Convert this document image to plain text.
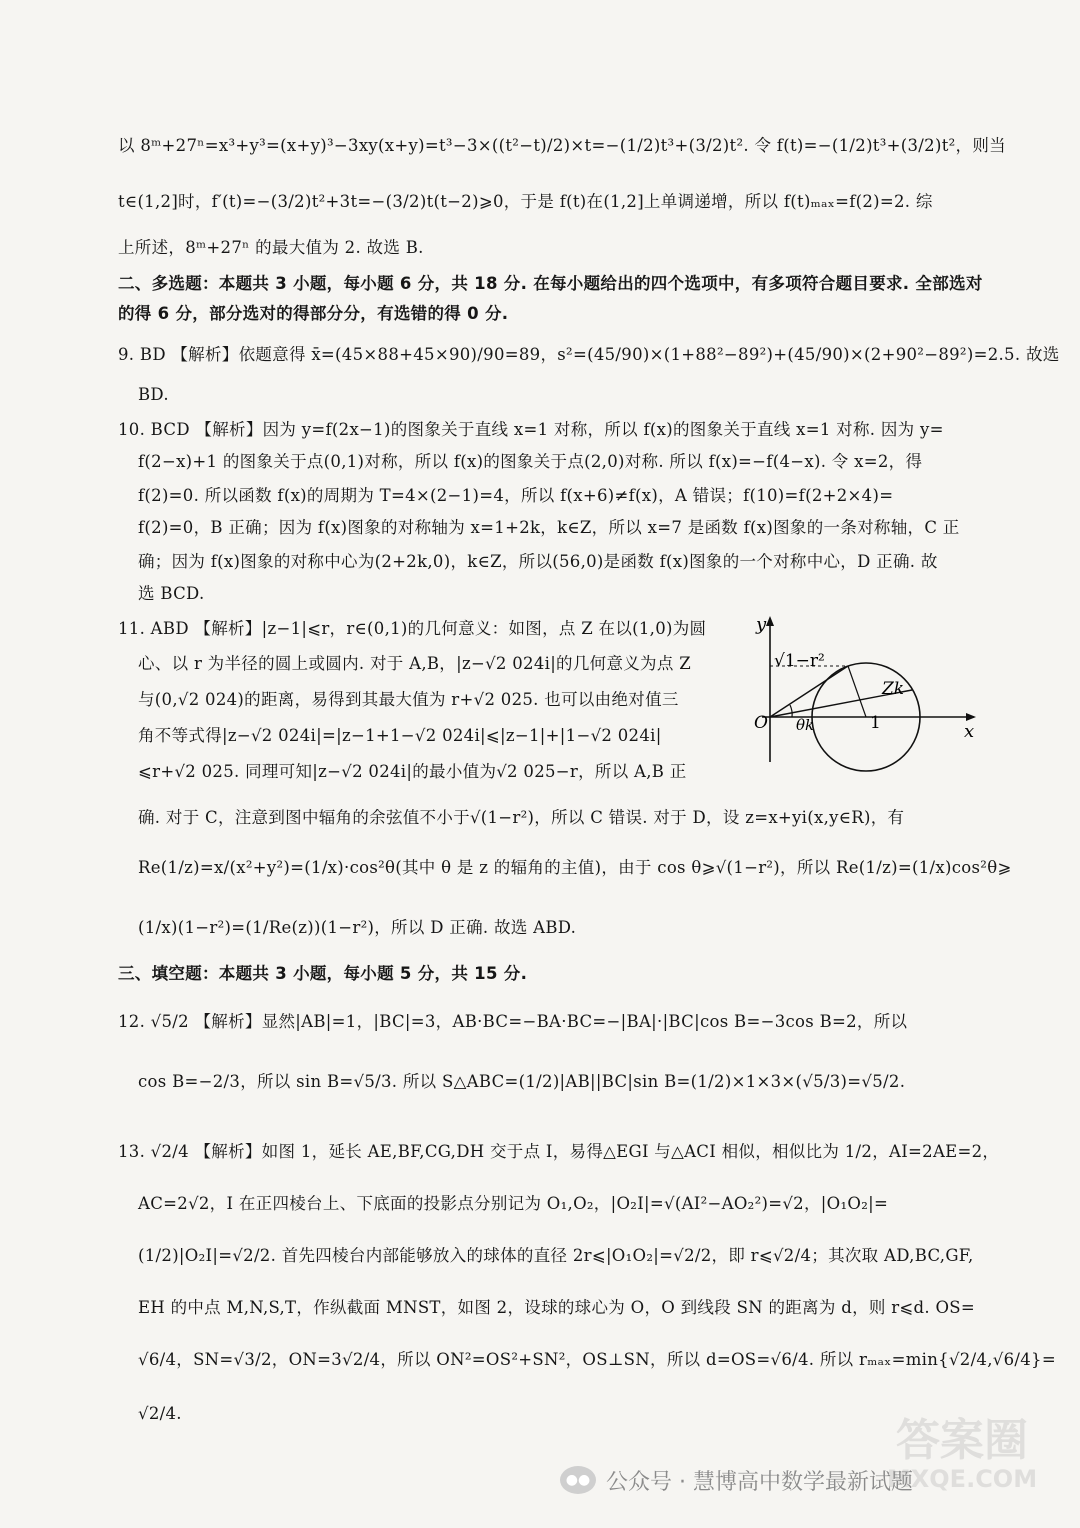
以 8ᵐ+27ⁿ=x³+y³=(x+y)³−3xy(x+y)=t³−3×((t²−t)/2)×t=−(1/2)t³+(3/2)t². 令 f(t)=−(1/2)t³+(3/2)t²，则当
t∈(1,2]时，f′(t)=−(3/2)t²+3t=−(3/2)t(t−2)⩾0，于是 f(t)在(1,2]上单调递增，所以 f(t)ₘₐₓ=f(2)=2. 综
上所述，8ᵐ+27ⁿ 的最大值为 2. 故选 B.
二、多选题：本题共 3 小题，每小题 6 分，共 18 分. 在每小题给出的四个选项中，有多项符合题目要求. 全部选对
的得 6 分，部分选对的得部分分，有选错的得 0 分.
9. BD 【解析】依题意得 x̄=(45×88+45×90)/90=89，s²=(45/90)×(1+88²−89²)+(45/90)×(2+90²−89²)=2.5. 故选
BD.
10. BCD 【解析】因为 y=f(2x−1)的图象关于直线 x=1 对称，所以 f(x)的图象关于直线 x=1 对称. 因为 y=
f(2−x)+1 的图象关于点(0,1)对称，所以 f(x)的图象关于点(2,0)对称. 所以 f(x)=−f(4−x). 令 x=2，得
f(2)=0. 所以函数 f(x)的周期为 T=4×(2−1)=4，所以 f(x+6)≠f(x)，A 错误；f(10)=f(2+2×4)=
f(2)=0，B 正确；因为 f(x)图象的对称轴为 x=1+2k，k∈Z，所以 x=7 是函数 f(x)图象的一条对称轴，C 正
确；因为 f(x)图象的对称中心为(2+2k,0)，k∈Z，所以(56,0)是函数 f(x)图象的一个对称中心，D 正确. 故
选 BCD.
11. ABD 【解析】|z−1|⩽r，r∈(0,1)的几何意义：如图，点 Z 在以(1,0)为圆
心、以 r 为半径的圆上或圆内. 对于 A,B，|z−√2 024i|的几何意义为点 Z
与(0,√2 024)的距离，易得到其最大值为 r+√2 025. 也可以由绝对值三
角不等式得|z−√2 024i|=|z−1+1−√2 024i|⩽|z−1|+|1−√2 024i|
⩽r+√2 025. 同理可知|z−√2 024i|的最小值为√2 025−r，所以 A,B 正
确. 对于 C，注意到图中辐角的余弦值不小于√(1−r²)，所以 C 错误. 对于 D，设 z=x+yi(x,y∈R)，有
Re(1/z)=x/(x²+y²)=(1/x)·cos²θ(其中 θ 是 z 的辐角的主值)，由于 cos θ⩾√(1−r²)，所以 Re(1/z)=(1/x)cos²θ⩾
(1/x)(1−r²)=(1/Re(z))(1−r²)，所以 D 正确. 故选 ABD.
三、填空题：本题共 3 小题，每小题 5 分，共 15 分.
12. √5/2 【解析】显然|AB|=1，|BC|=3，AB·BC=−BA·BC=−|BA|·|BC|cos B=−3cos B=2，所以
cos B=−2/3，所以 sin B=√5/3. 所以 S△ABC=(1/2)|AB||BC|sin B=(1/2)×1×3×(√5/3)=√5/2.
13. √2/4 【解析】如图 1，延长 AE,BF,CG,DH 交于点 I，易得△EGI 与△ACI 相似，相似比为 1/2，AI=2AE=2，
AC=2√2，I 在正四棱台上、下底面的投影点分别记为 O₁,O₂，|O₂I|=√(AI²−AO₂²)=√2，|O₁O₂|=
(1/2)|O₂I|=√2/2. 首先四棱台内部能够放入的球体的直径 2r⩽|O₁O₂|=√2/2，即 r⩽√2/4；其次取 AD,BC,GF,
EH 的中点 M,N,S,T，作纵截面 MNST，如图 2，设球的球心为 O，O 到线段 SN 的距离为 d，则 r⩽d. OS=
√6/4，SN=√3/2，ON=3√2/4，所以 ON²=OS²+SN²，OS⊥SN，所以 d=OS=√6/4. 所以 rₘₐₓ=min{√2/4,√6/4}=
√2/4.
y
x
O	1
√1−r²
θk
Zk
答案圈
MXQE.COM
●● 公众号 · 慧博高中数学最新试题
